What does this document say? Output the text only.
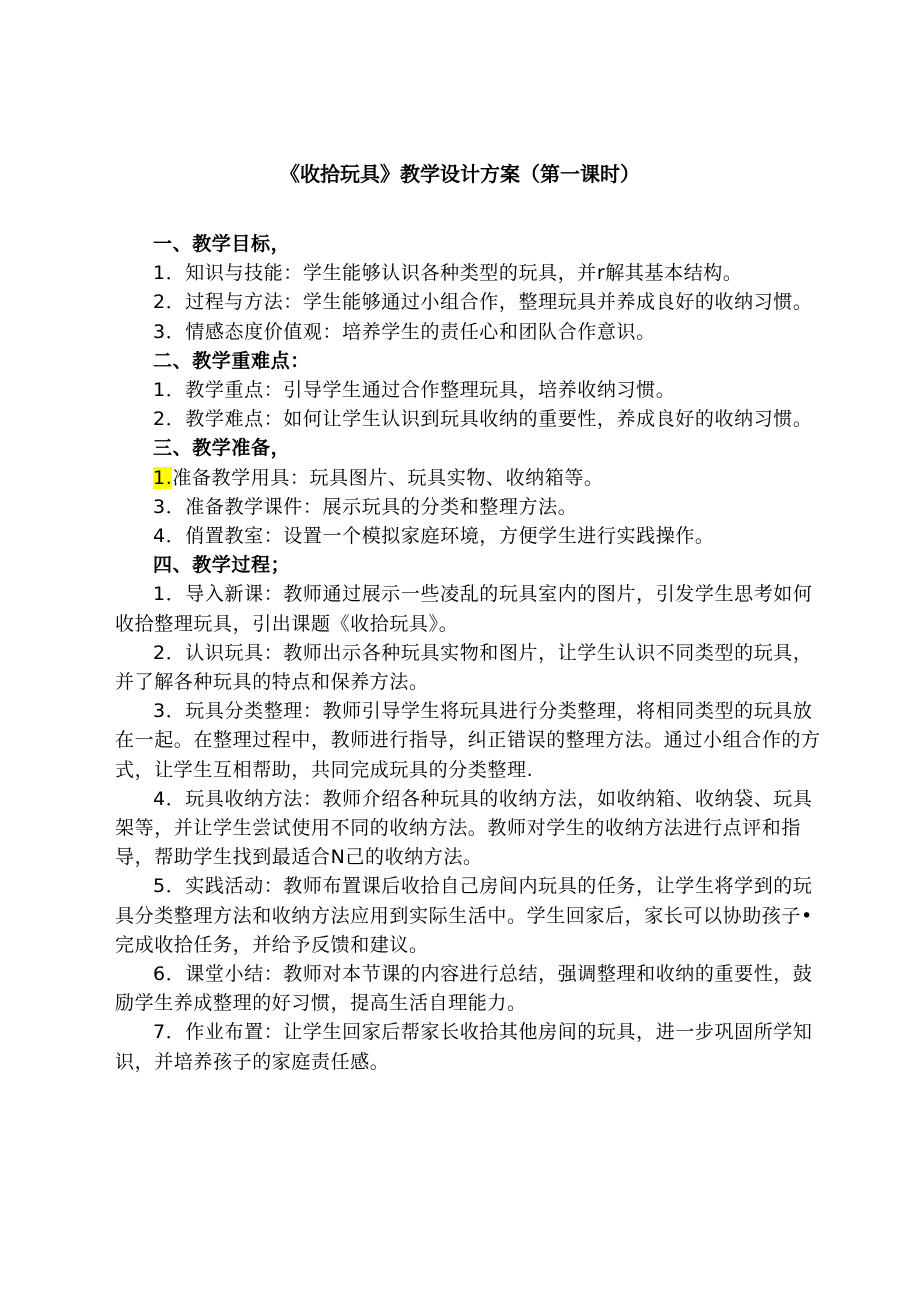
《收拾玩具》教学设计方案（第一课时）
一、教学目标，

1．知识与技能：学生能够认识各种类型的玩具，并r解其基本结构。

2．过程与方法：学生能够通过小组合作，整理玩具并养成良好的收纳习惯。

3．情感态度价值观：培养学生的责任心和团队合作意识。

二、教学重难点：

1．教学重点：引导学生通过合作整理玩具，培养收纳习惯。

2．教学难点：如何让学生认识到玩具收纳的重要性，养成良好的收纳习惯。

三、教学准备，

1.准备教学用具：玩具图片、玩具实物、收纳箱等。

3．准备教学课件：展示玩具的分类和整理方法。

4．俏置教室：设置一个模拟家庭环境，方便学生进行实践操作。

四、教学过程；

1．导入新课：教师通过展示一些凌乱的玩具室内的图片，引发学生思考如何收拾整理玩具，引出课题《收拾玩具》。

2．认识玩具：教师出示各种玩具实物和图片，让学生认识不同类型的玩具，并了解各种玩具的特点和保养方法。

3．玩具分类整理：教师引导学生将玩具进行分类整理，将相同类型的玩具放在一起。在整理过程中，教师进行指导，纠正错误的整理方法。通过小组合作的方式，让学生互相帮助，共同完成玩具的分类整理.

4．玩具收纳方法：教师介绍各种玩具的收纳方法，如收纳箱、收纳袋、玩具架等，并让学生尝试使用不同的收纳方法。教师对学生的收纳方法进行点评和指导，帮助学生找到最适合N己的收纳方法。

5．实践活动：教师布置课后收拾自己房间内玩具的任务，让学生将学到的玩具分类整理方法和收纳方法应用到实际生活中。学生回家后，家长可以协助孩子•完成收拾任务，并给予反馈和建议。

6．课堂小结：教师对本节课的内容进行总结，强调整理和收纳的重要性，鼓励学生养成整理的好习惯，提高生活自理能力。

7．作业布置：让学生回家后帮家长收拾其他房间的玩具，进一步巩固所学知识，并培养孩子的家庭责任感。
